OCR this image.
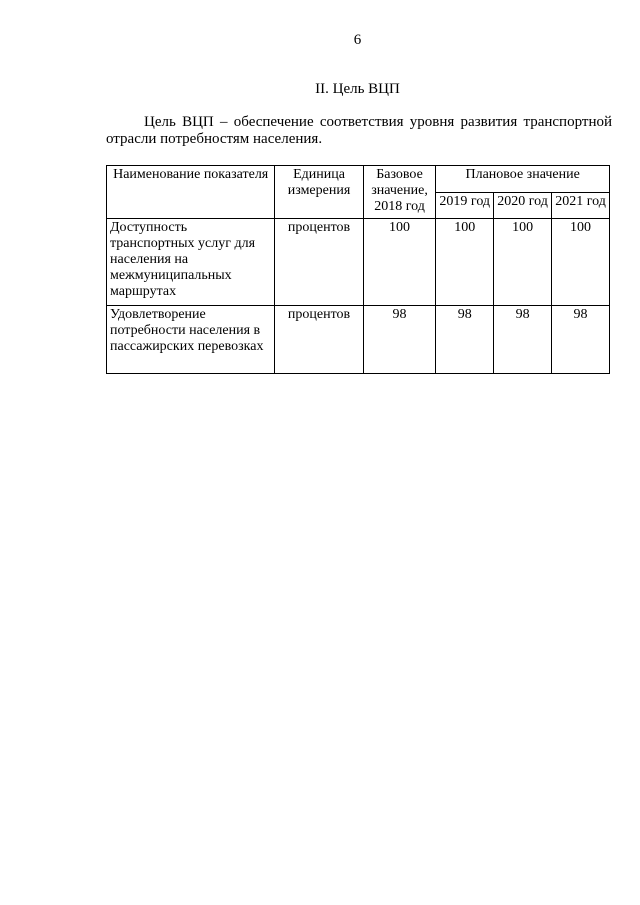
6
II. Цель ВЦП

Цель ВЦП – обеспечение соответствия уровня развития транспортной отрасли потребностям населения.

Наименование показателя	Единица измерения	Базовое значение, 2018 год	Плановое значение		
			2019 год	2020 год	2021 год
Доступность транспортных услуг для населения на межмуниципальных маршрутах	процентов	100	100	100	100
Удовлетворение потребности населения в пассажирских перевозках	процентов	98	98	98	98
